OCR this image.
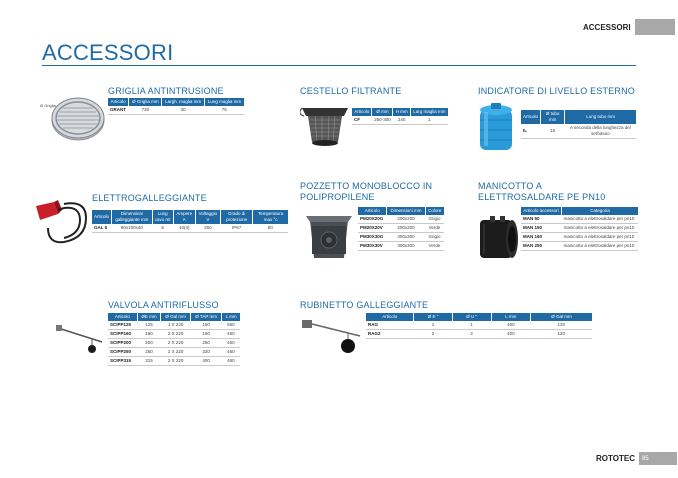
ACCESSORI
ACCESSORI
Ø Griglia
GRIGLIA ANTINTRUSIONE
Articolo	Ø Griglia mm	Largh. maglia mm	Lung maglia mm
GRANT	730	30	75
CESTELLO FILTRANTE
Articolo	Ø mm	H mm	Larg maglia mm
CF	250-300	240	1
INDICATORE DI LIVELLO ESTERNO
Articolo	Ø tubo mm	Lung tubo mm
IL	15	A seconda della lunghezza del serbatoio
ELETTROGALLEGGIANTE
Articolo	Dimensioni galleggiante mm	Lung cavo mt	Ampere A	Voltaggio V	Grado di protezione	Temperatura max °c
GAL 5	80x100x40	5	10(4)	250	IP67	80
POZZETTO MONOBLOCCO IN POLIPROPILENE
Articolo	Dimensioni mm	Colore
PM20X20G	200x200	Grigio
PM20X20V	200x200	Verde
PM30X30G	300x300	Grigio
PM30X30V	300x300	Verde
MANICOTTO A ELETTROSALDARE PE PN10
Articolo accessori	Categoria
MAN 50	manicotto a elettrosaldare per pn10
MAN 150	manicotto a elettrosaldare per pn10
MAN 160	manicotto a elettrosaldare per pn10
MAN 250	manicotto a elettrosaldare per pn10
VALVOLA ANTIRIFLUSSO
Articolo	ØE mm	Ø Gal mm	Ø TAP mm	L mm
SCIPP125	125	1 X 220	150	550
SCIPP160	160	2 X 220	160	460
SCIPP200	200	2 X 220	250	460
SCIPP250	250	2 X 220	320	460
SCIPP315	315	2 X 220	400	460
RUBINETTO GALLEGGIANTE
Articolo	Ø E "	Ø U "	L mm	Ø Gal mm
RAG	1	1	400	120
RAG2	2	2	400	120
ROTOTEC	85
